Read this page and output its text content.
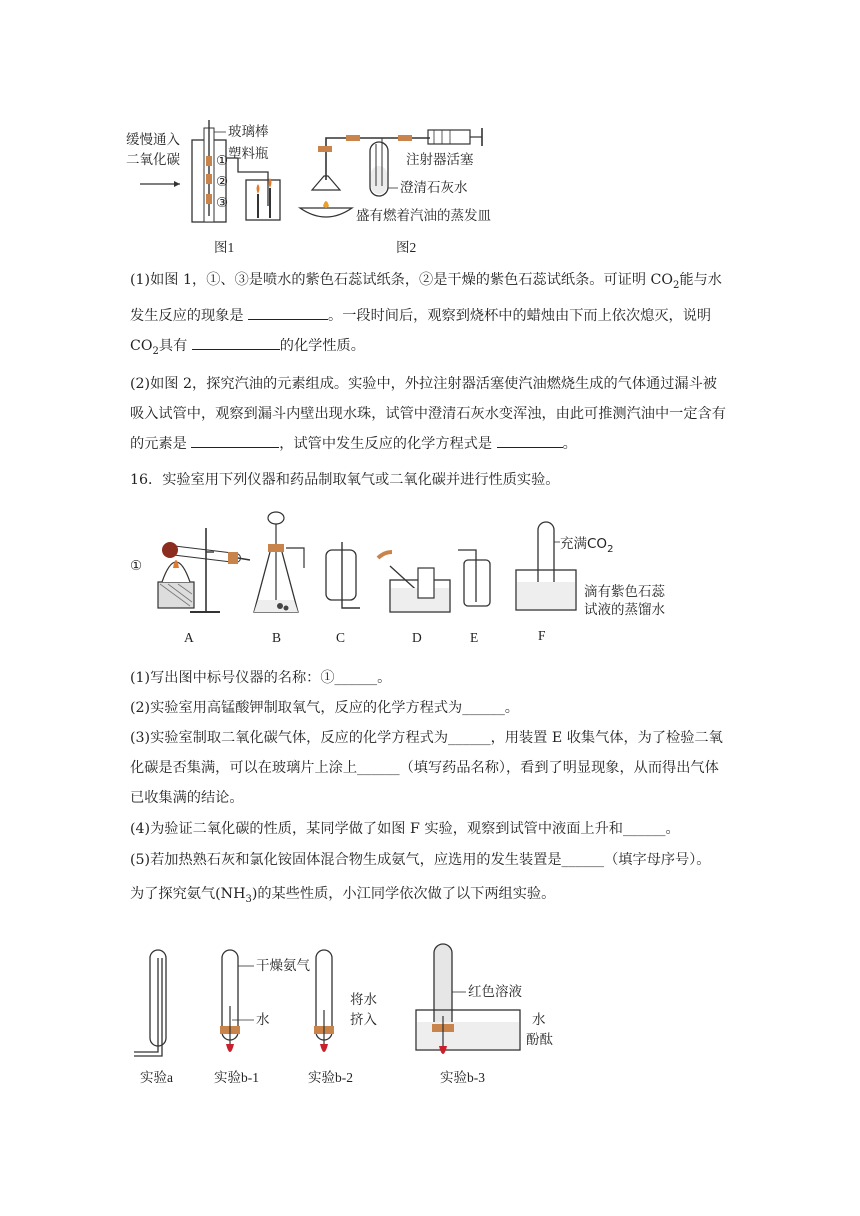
缓慢通入
二氧化碳	①
②
③
玻璃棒
塑料瓶
图1
注射器活塞
澄清石灰水
盛有燃着汽油的蒸发皿
图2

(1)如图 1，①、③是喷水的紫色石蕊试纸条，②是干燥的紫色石蕊试纸条。可证明 $CO_2$能与水发生反应的现象是	。一段时间后，观察到烧杯中的蜡烛由下而上依次熄灭，说明 $CO_2$具有	的化学性质。

(2)如图 2，探究汽油的元素组成。实验中，外拉注射器活塞使汽油燃烧生成的气体通过漏斗被吸入试管中，观察到漏斗内壁出现水珠，试管中澄清石灰水变浑浊，由此可推测汽油中一定含有的元素是	，试管中发生反应的化学方程式是	。

16．实验室用下列仪器和药品制取氧气或二氧化碳并进行性质实验。

①
A	B	C	D	E	F
充满$CO_2$
滴有紫色石蕊
试液的蒸馏水

(1)写出图中标号仪器的名称：①______。

(2)实验室用高锰酸钾制取氧气，反应的化学方程式为______。

(3)实验室制取二氧化碳气体，反应的化学方程式为______，用装置 E 收集气体，为了检验二氧化碳是否集满，可以在玻璃片上涂上______（填写药品名称），看到了明显现象，从而得出气体已收集满的结论。

(4)为验证二氧化碳的性质，某同学做了如图 F 实验，观察到试管中液面上升和______。

(5)若加热熟石灰和氯化铵固体混合物生成氨气，应选用的发生装置是______（填字母序号）。

为了探究氨气$(NH_3)$的某些性质，小江同学依次做了以下两组实验。

实验a
干燥氨气
水
实验b-1
将水
挤入
实验b-2
红色溶液
水
酚酞
实验b-3
